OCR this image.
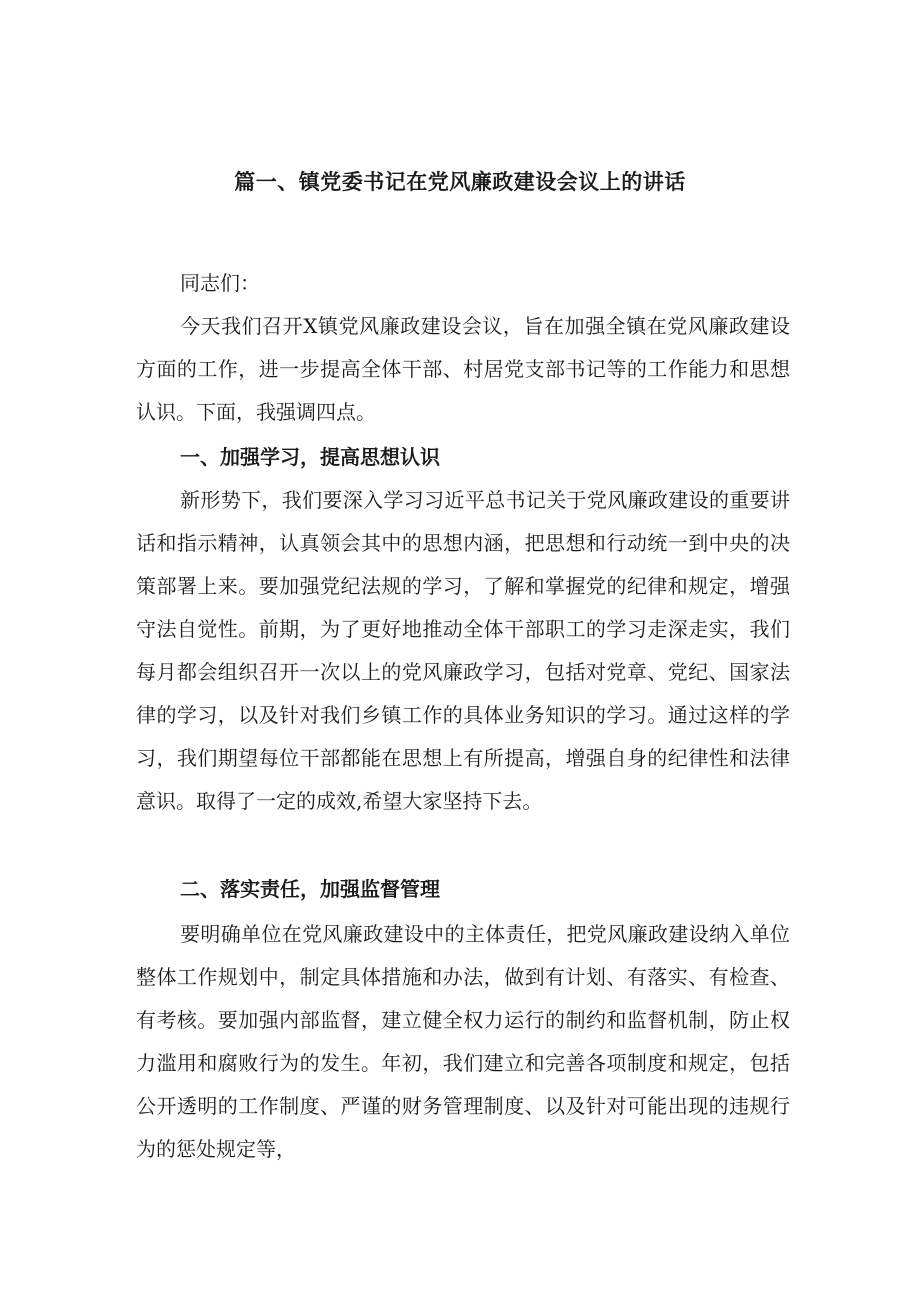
篇一、镇党委书记在党风廉政建设会议上的讲话

同志们：

今天我们召开X镇党风廉政建设会议，旨在加强全镇在党风廉政建设方面的工作，进一步提高全体干部、村居党支部书记等的工作能力和思想认识。下面，我强调四点。

一、加强学习，提高思想认识

新形势下，我们要深入学习习近平总书记关于党风廉政建设的重要讲话和指示精神，认真领会其中的思想内涵，把思想和行动统一到中央的决策部署上来。要加强党纪法规的学习，了解和掌握党的纪律和规定，增强守法自觉性。前期，为了更好地推动全体干部职工的学习走深走实，我们每月都会组织召开一次以上的党风廉政学习，包括对党章、党纪、国家法律的学习，以及针对我们乡镇工作的具体业务知识的学习。通过这样的学习，我们期望每位干部都能在思想上有所提高，增强自身的纪律性和法律意识。取得了一定的成效,希望大家坚持下去。

二、落实责任，加强监督管理

要明确单位在党风廉政建设中的主体责任，把党风廉政建设纳入单位整体工作规划中，制定具体措施和办法，做到有计划、有落实、有检查、有考核。要加强内部监督，建立健全权力运行的制约和监督机制，防止权力滥用和腐败行为的发生。年初，我们建立和完善各项制度和规定，包括公开透明的工作制度、严谨的财务管理制度、以及针对可能出现的违规行为的惩处规定等，
